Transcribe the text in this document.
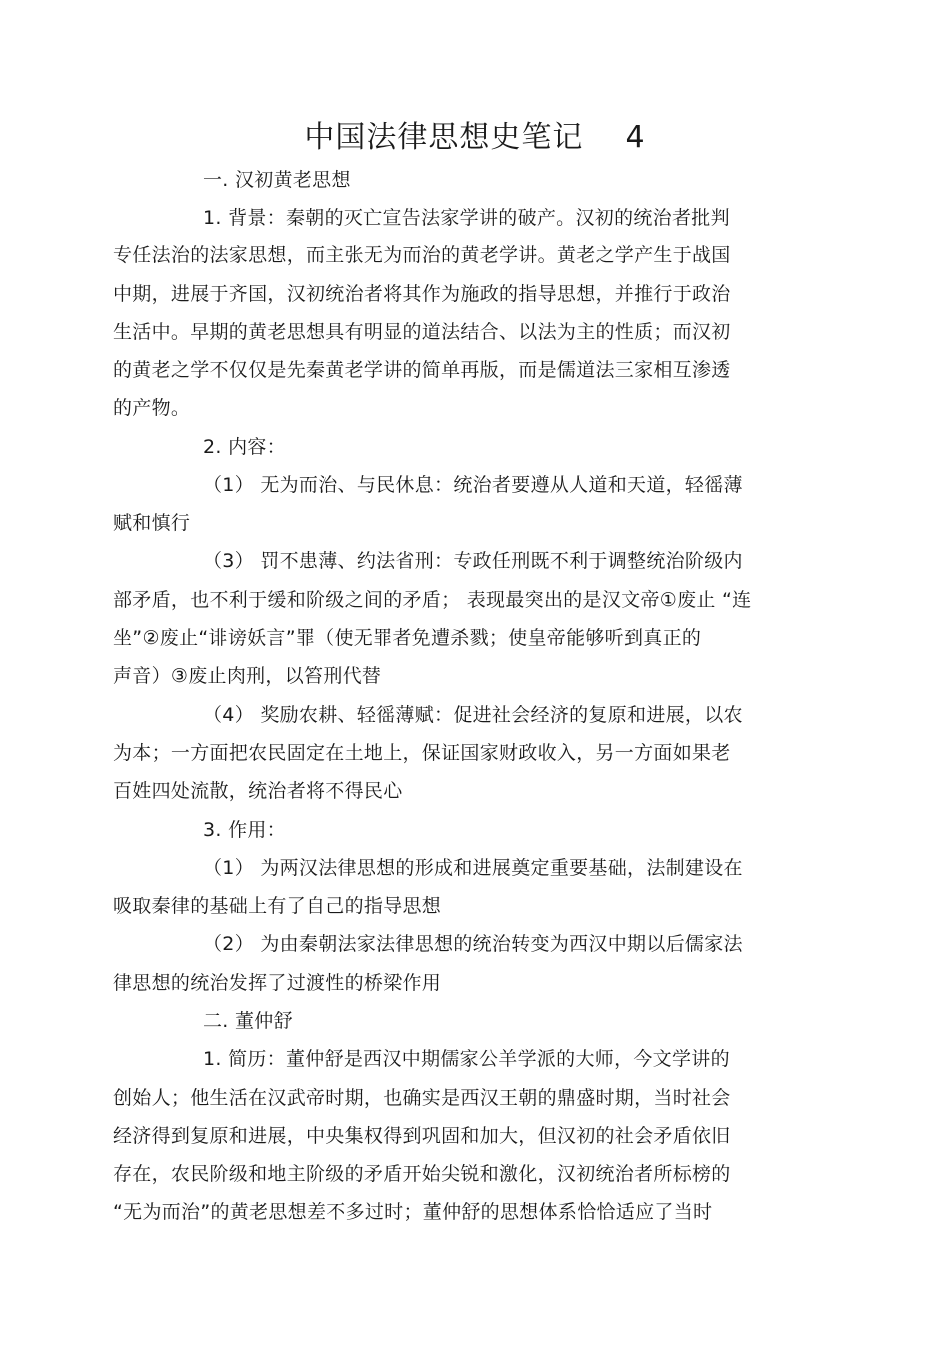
中国法律思想史笔记    4
一. 汉初黄老思想
1. 背景：秦朝的灭亡宣告法家学讲的破产。汉初的统治者批判
专任法治的法家思想，而主张无为而治的黄老学讲。黄老之学产生于战国
中期，进展于齐国，汉初统治者将其作为施政的指导思想，并推行于政治
生活中。早期的黄老思想具有明显的道法结合、以法为主的性质；而汉初
的黄老之学不仅仅是先秦黄老学讲的简单再版，而是儒道法三家相互渗透
的产物。
2. 内容：
（1） 无为而治、与民休息：统治者要遵从人道和天道，轻徭薄
赋和慎行
（3） 罚不患薄、约法省刑：专政任刑既不利于调整统治阶级内
部矛盾，也不利于缓和阶级之间的矛盾； 表现最突出的是汉文帝①废止 “连
坐”②废止“诽谤妖言”罪（使无罪者免遭杀戮；使皇帝能够听到真正的
声音）③废止肉刑，以笞刑代替
（4） 奖励农耕、轻徭薄赋：促进社会经济的复原和进展，以农
为本；一方面把农民固定在土地上，保证国家财政收入，另一方面如果老
百姓四处流散，统治者将不得民心
3. 作用：
（1） 为两汉法律思想的形成和进展奠定重要基础，法制建设在
吸取秦律的基础上有了自己的指导思想
（2） 为由秦朝法家法律思想的统治转变为西汉中期以后儒家法
律思想的统治发挥了过渡性的桥梁作用
二. 董仲舒
1. 简历：董仲舒是西汉中期儒家公羊学派的大师，今文学讲的
创始人；他生活在汉武帝时期，也确实是西汉王朝的鼎盛时期，当时社会
经济得到复原和进展，中央集权得到巩固和加大，但汉初的社会矛盾依旧
存在，农民阶级和地主阶级的矛盾开始尖锐和激化，汉初统治者所标榜的
“无为而治”的黄老思想差不多过时；董仲舒的思想体系恰恰适应了当时
